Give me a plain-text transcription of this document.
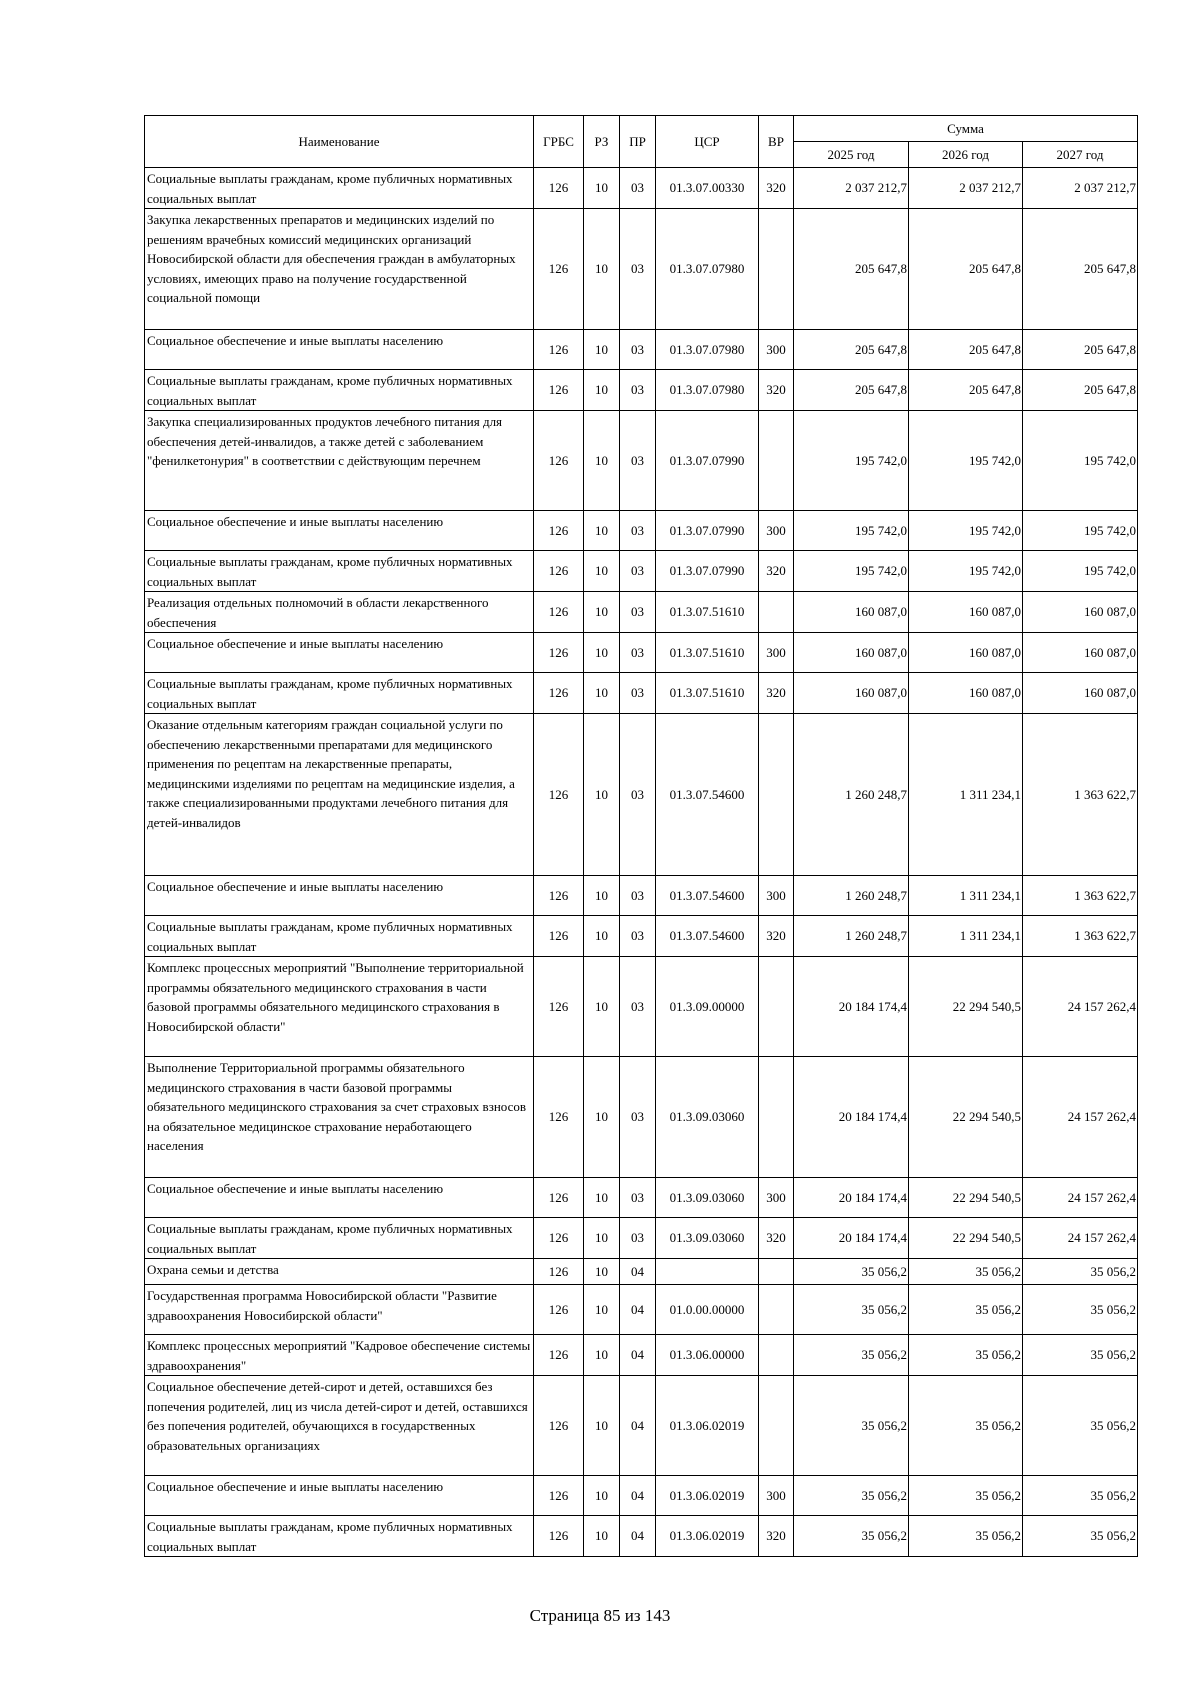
Наименование	ГРБС	РЗ	ПР	ЦСР	ВР	Сумма		
						2025 год	2026 год	2027 год
Социальные выплаты гражданам, кроме публичных нормативных социальных выплат	126	10	03	01.3.07.00330	320	2 037 212,7	2 037 212,7	2 037 212,7
Закупка лекарственных препаратов и медицинских изделий по решениям врачебных комиссий медицинских организаций Новосибирской области для обеспечения граждан в амбулаторных условиях, имеющих право на получение государственной социальной помощи	126	10	03	01.3.07.07980		205 647,8	205 647,8	205 647,8
Социальное обеспечение и иные выплаты населению	126	10	03	01.3.07.07980	300	205 647,8	205 647,8	205 647,8
Социальные выплаты гражданам, кроме публичных нормативных социальных выплат	126	10	03	01.3.07.07980	320	205 647,8	205 647,8	205 647,8
Закупка специализированных продуктов лечебного питания для обеспечения детей-инвалидов, а также детей с заболеванием "фенилкетонурия" в соответствии с действующим перечнем	126	10	03	01.3.07.07990		195 742,0	195 742,0	195 742,0
Социальное обеспечение и иные выплаты населению	126	10	03	01.3.07.07990	300	195 742,0	195 742,0	195 742,0
Социальные выплаты гражданам, кроме публичных нормативных социальных выплат	126	10	03	01.3.07.07990	320	195 742,0	195 742,0	195 742,0
Реализация отдельных полномочий в области лекарственного обеспечения	126	10	03	01.3.07.51610		160 087,0	160 087,0	160 087,0
Социальное обеспечение и иные выплаты населению	126	10	03	01.3.07.51610	300	160 087,0	160 087,0	160 087,0
Социальные выплаты гражданам, кроме публичных нормативных социальных выплат	126	10	03	01.3.07.51610	320	160 087,0	160 087,0	160 087,0
Оказание отдельным категориям граждан социальной услуги по обеспечению лекарственными препаратами для медицинского применения по рецептам на лекарственные препараты, медицинскими изделиями по рецептам на медицинские изделия, а также специализированными продуктами лечебного питания для детей-инвалидов	126	10	03	01.3.07.54600		1 260 248,7	1 311 234,1	1 363 622,7
Социальное обеспечение и иные выплаты населению	126	10	03	01.3.07.54600	300	1 260 248,7	1 311 234,1	1 363 622,7
Социальные выплаты гражданам, кроме публичных нормативных социальных выплат	126	10	03	01.3.07.54600	320	1 260 248,7	1 311 234,1	1 363 622,7
Комплекс процессных мероприятий "Выполнение территориальной программы обязательного медицинского страхования в части базовой программы обязательного медицинского страхования в Новосибирской области"	126	10	03	01.3.09.00000		20 184 174,4	22 294 540,5	24 157 262,4
Выполнение Территориальной программы обязательного медицинского страхования в части базовой программы обязательного медицинского страхования за счет страховых взносов на обязательное медицинское страхование неработающего населения	126	10	03	01.3.09.03060		20 184 174,4	22 294 540,5	24 157 262,4
Социальное обеспечение и иные выплаты населению	126	10	03	01.3.09.03060	300	20 184 174,4	22 294 540,5	24 157 262,4
Социальные выплаты гражданам, кроме публичных нормативных социальных выплат	126	10	03	01.3.09.03060	320	20 184 174,4	22 294 540,5	24 157 262,4
Охрана семьи и детства	126	10	04			35 056,2	35 056,2	35 056,2
Государственная программа Новосибирской области "Развитие здравоохранения Новосибирской области"	126	10	04	01.0.00.00000		35 056,2	35 056,2	35 056,2
Комплекс процессных мероприятий "Кадровое обеспечение системы здравоохранения"	126	10	04	01.3.06.00000		35 056,2	35 056,2	35 056,2
Социальное обеспечение детей-сирот и детей, оставшихся без попечения родителей, лиц из числа детей-сирот и детей, оставшихся без попечения родителей, обучающихся в государственных образовательных организациях	126	10	04	01.3.06.02019		35 056,2	35 056,2	35 056,2
Социальное обеспечение и иные выплаты населению	126	10	04	01.3.06.02019	300	35 056,2	35 056,2	35 056,2
Социальные выплаты гражданам, кроме публичных нормативных социальных выплат	126	10	04	01.3.06.02019	320	35 056,2	35 056,2	35 056,2
Страница 85 из 143
